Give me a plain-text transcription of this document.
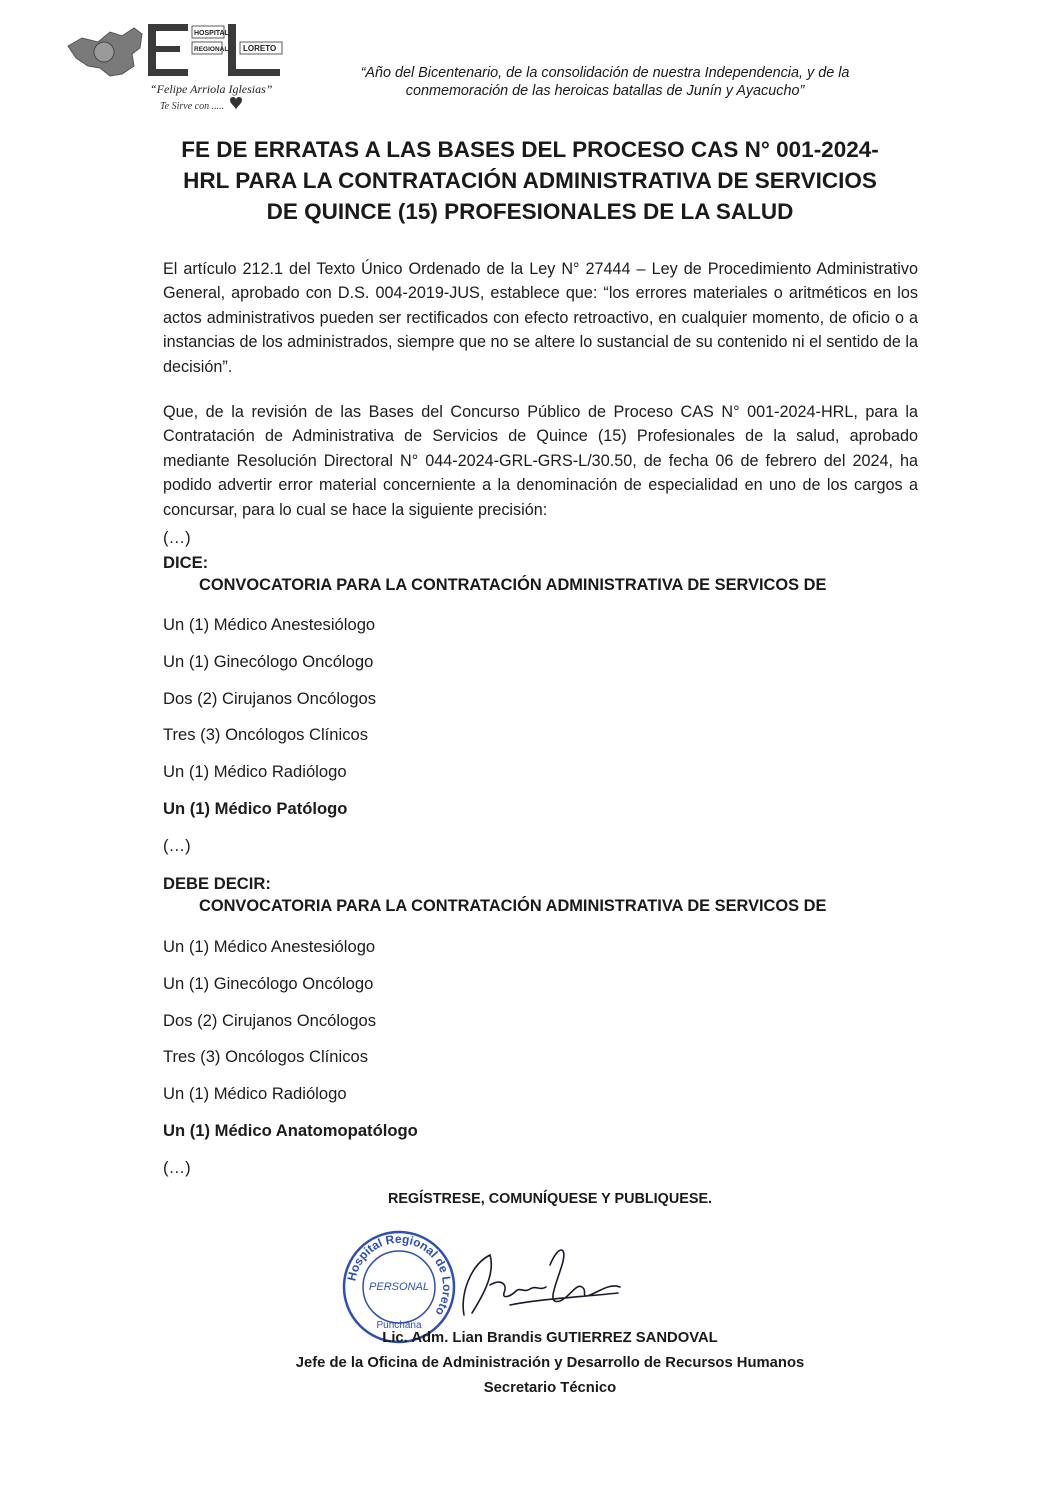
HOSPITAL
REGIONAL LORETO
“Felipe Arriola Iglesias”
Te Sirve con .....
“Año del Bicentenario, de la consolidación de nuestra Independencia, y de la
conmemoración de las heroicas batallas de Junín y Ayacucho”
FE DE ERRATAS A LAS BASES DEL PROCESO CAS N° 001-2024-
HRL PARA LA CONTRATACIÓN ADMINISTRATIVA DE SERVICIOS
DE QUINCE (15) PROFESIONALES DE LA SALUD
El artículo 212.1 del Texto Único Ordenado de la Ley N° 27444 – Ley de Procedimiento Administrativo General, aprobado con D.S. 004-2019-JUS, establece que: “los errores materiales o aritméticos en los actos administrativos pueden ser rectificados con efecto retroactivo, en cualquier momento, de oficio o a instancias de los administrados, siempre que no se altere lo sustancial de su contenido ni el sentido de la decisión”.
Que, de la revisión de las Bases del Concurso Público de Proceso CAS N° 001-2024-HRL, para la Contratación de Administrativa de Servicios de Quince (15) Profesionales de la salud, aprobado mediante Resolución Directoral N° 044-2024-GRL-GRS-L/30.50, de fecha 06 de febrero del 2024, ha podido advertir error material concerniente a la denominación de especialidad en uno de los cargos a concursar, para lo cual se hace la siguiente precisión:
(…)
DICE:
CONVOCATORIA PARA LA CONTRATACIÓN ADMINISTRATIVA DE SERVICOS DE
Un (1) Médico Anestesiólogo
Un (1) Ginecólogo Oncólogo
Dos (2) Cirujanos Oncólogos
Tres (3) Oncólogos Clínicos
Un (1) Médico Radiólogo
Un (1) Médico Patólogo
(…)
DEBE DECIR:
CONVOCATORIA PARA LA CONTRATACIÓN ADMINISTRATIVA DE SERVICOS DE
Un (1) Médico Anestesiólogo
Un (1) Ginecólogo Oncólogo
Dos (2) Cirujanos Oncólogos
Tres (3) Oncólogos Clínicos
Un (1) Médico Radiólogo
Un (1) Médico Anatomopatólogo
(…)
REGÍSTRESE, COMUNÍQUESE Y PUBLIQUESE.
Hospital Regional de Loreto
PERSONAL
Punchana
Lic. Adm. Lian Brandis GUTIERREZ SANDOVAL
Jefe de la Oficina de Administración y Desarrollo de Recursos Humanos
Secretario Técnico
